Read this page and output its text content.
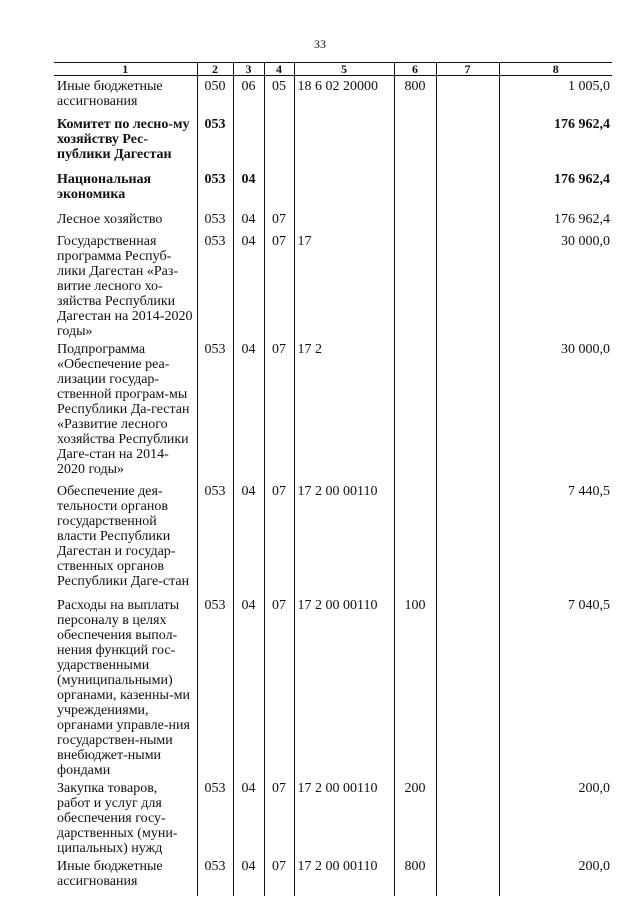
33
1	2	3	4	5	6	7	8
Иные бюджетные ассигнования	050	06	05	18 6 02 20000	800		1 005,0
Комитет по лесно-му хозяйству Рес-публики Дагестан	053						176 962,4
Национальная экономика	053	04					176 962,4
Лесное хозяйство	053	04	07				176 962,4
Государственная программа Респуб-лики Дагестан «Раз-витие лесного хо-зяйства Республики Дагестан на 2014-2020 годы»	053	04	07	17			30 000,0
Подпрограмма «Обеспечение реа-лизации государ-ственной програм-мы Республики Да-гестан «Развитие лесного хозяйства Республики Даге-стан на 2014-2020 годы»	053	04	07	17 2			30 000,0
Обеспечение дея-тельности органов государственной власти Республики Дагестан и государ-ственных органов Республики Даге-стан	053	04	07	17 2 00 00110			7 440,5
Расходы на выплаты персоналу в целях обеспечения выпол-нения функций гос-ударственными (муниципальными) органами, казенны-ми учреждениями, органами управле-ния государствен-ными внебюджет-ными фондами	053	04	07	17 2 00 00110	100		7 040,5
Закупка товаров, работ и услуг для обеспечения госу-дарственных (муни-ципальных) нужд	053	04	07	17 2 00 00110	200		200,0
Иные бюджетные ассигнования	053	04	07	17 2 00 00110	800		200,0
